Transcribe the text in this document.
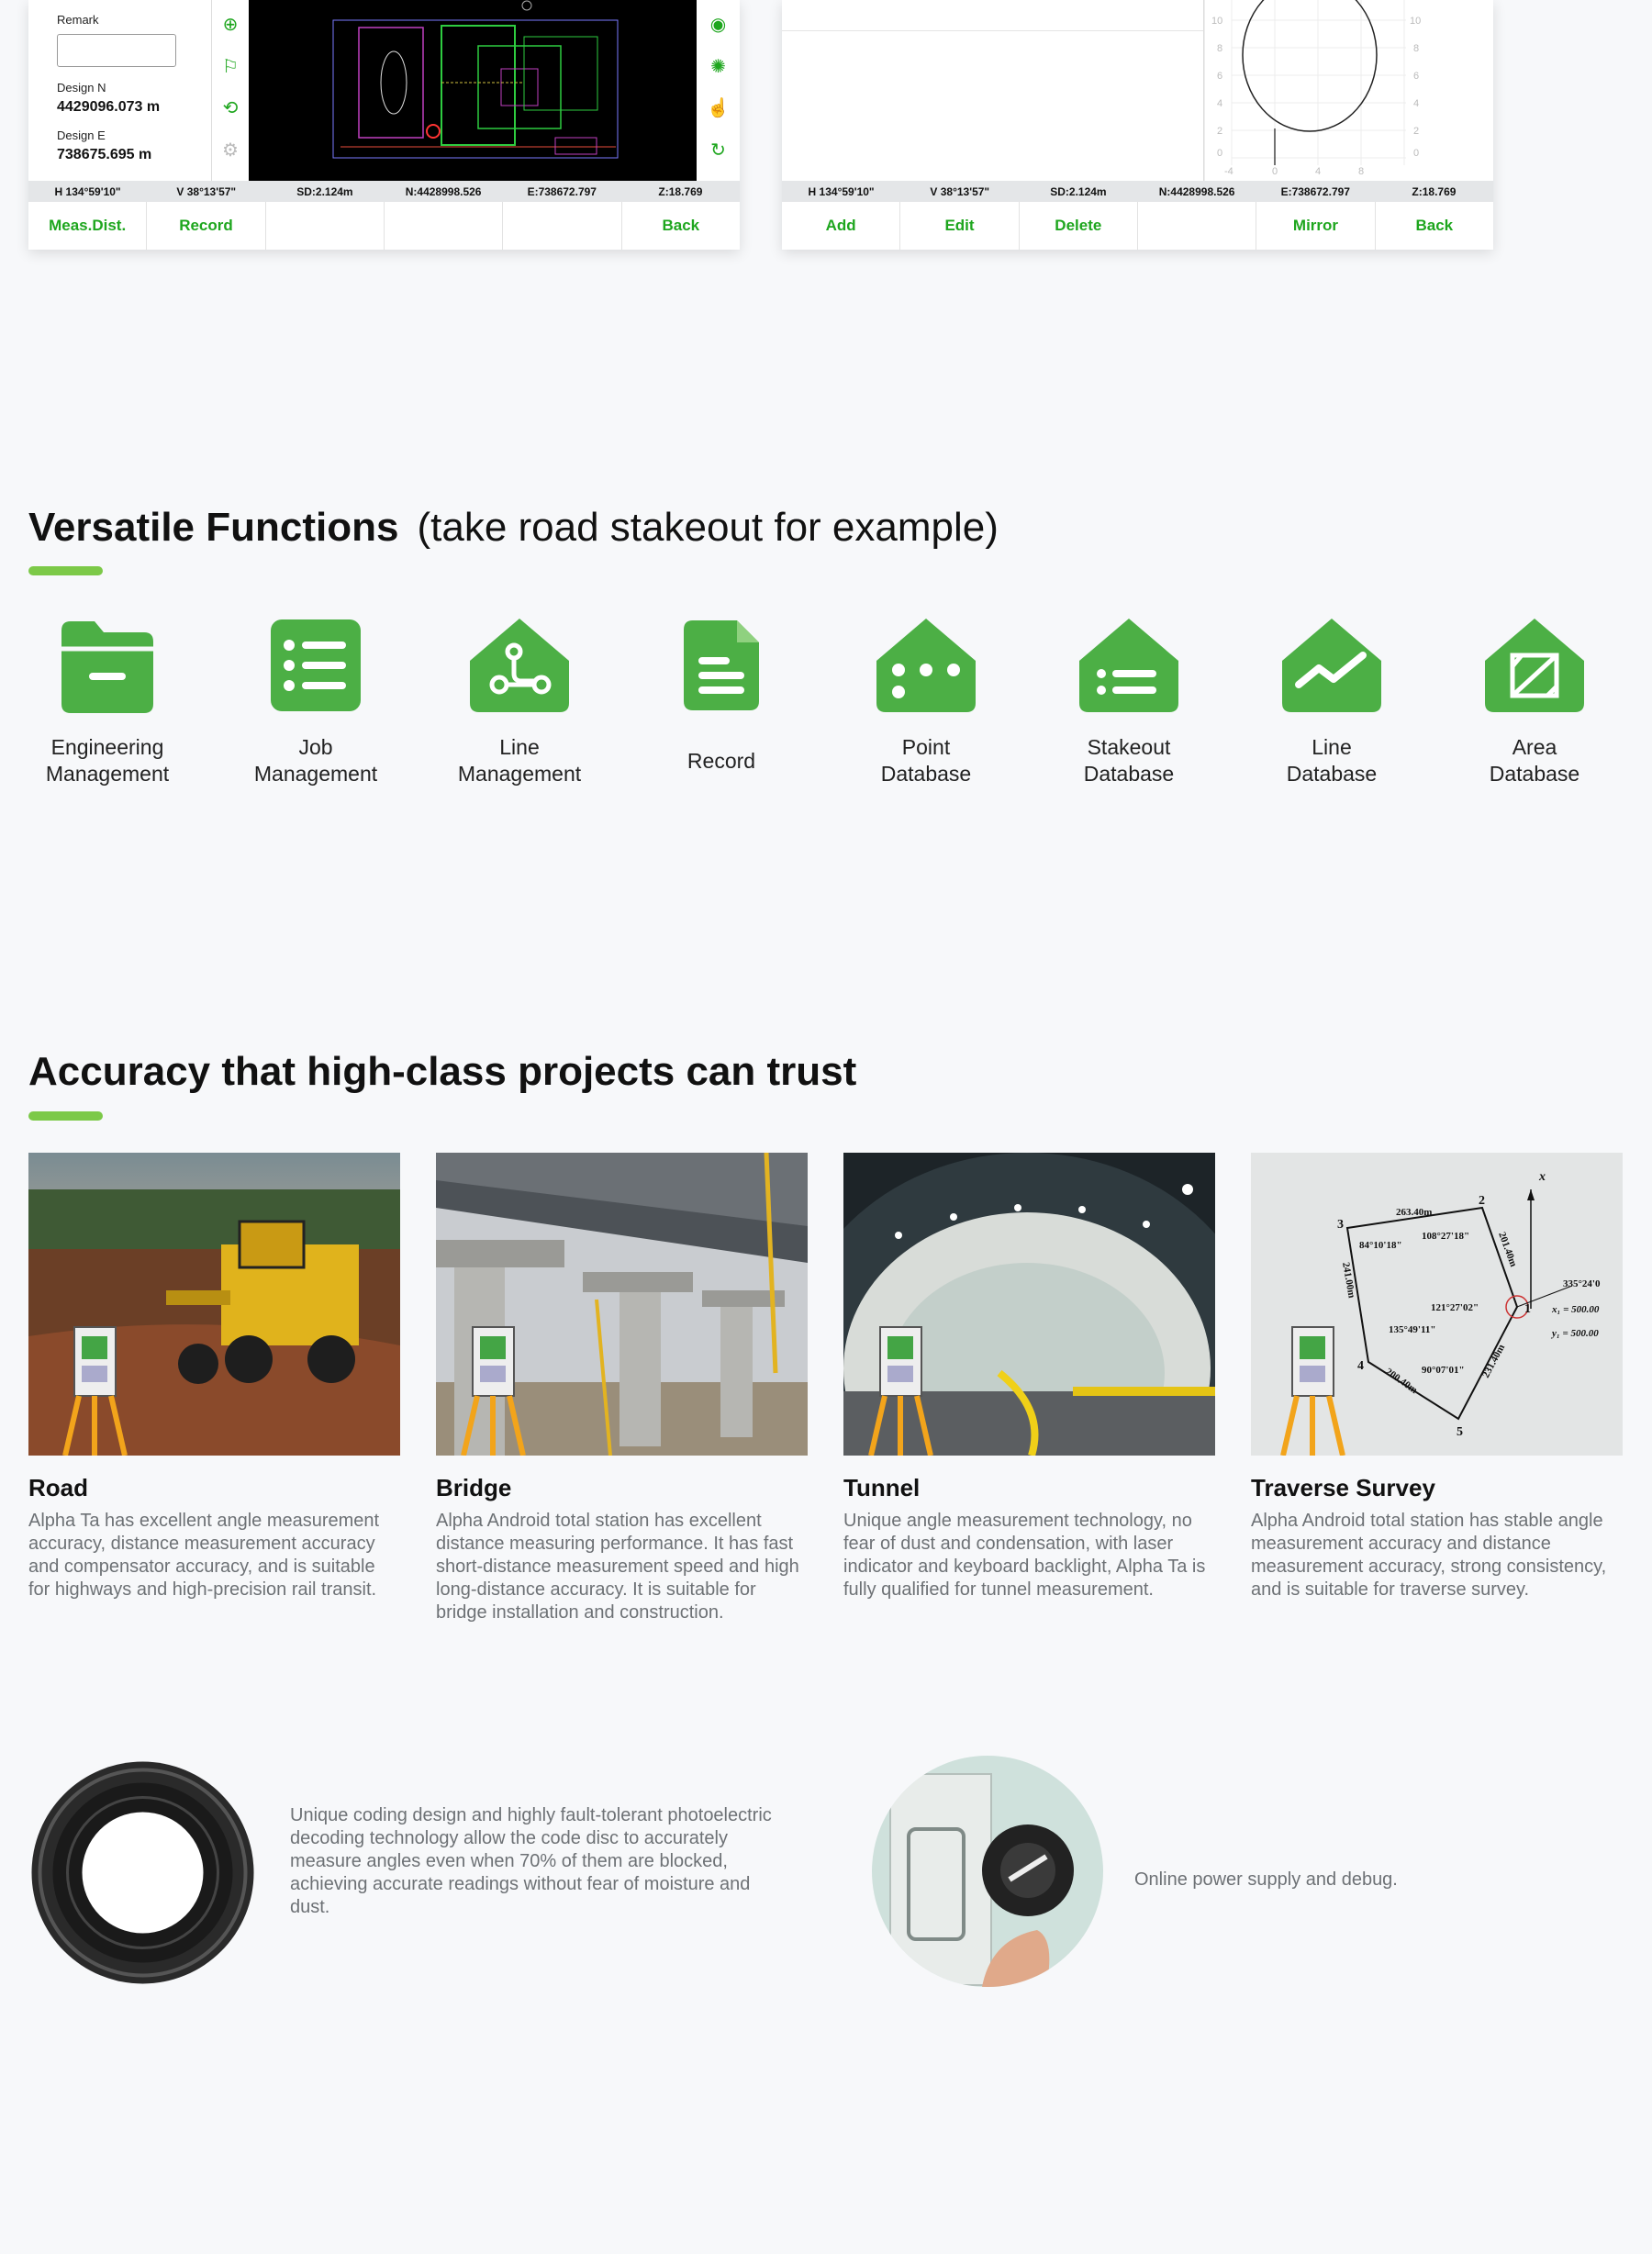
Remark
Design N
4429096.073 m
Design E
738675.695 m
⊕
⚐
⟲
⚙
◉
✺
☝
↻
H 134°59'10"	V 38°13'57"	SD:2.124m	N:4428998.526	E:738672.797	Z:18.769
Meas.Dist.	Record	Back
10
8
6
4
2
0
10
8
6
4
2
0
-4	0	4	8
H 134°59'10"	V 38°13'57"	SD:2.124m	N:4428998.526	E:738672.797	Z:18.769
Add	Edit	Delete	Mirror	Back
Versatile Functions (take road stakeout for example)
Engineering
Management
Job
Management
Line
Management
Record
Point
Database
Stakeout
Database
Line
Database
Area
Database
Accuracy that high-class projects can trust
Road
Alpha Ta has excellent angle measurement accuracy, distance measurement accuracy and compensator accuracy, and is suitable for highways and high-precision rail transit.
Bridge
Alpha Android total station has excellent distance measuring performance. It has fast short-distance measurement speed and high long-distance accuracy. It is suitable for bridge installation and construction.
Tunnel
Unique angle measurement technology, no fear of dust and condensation, with laser indicator and keyboard backlight, Alpha Ta is fully qualified for tunnel measurement.
x
1
2
3
4
5
263.40m
108°27'18"
84°10'18"	201.40m
335°24'0
241.00m
121°27'02"
135°49'11"
90°07'01"
200.40m
231.40m
x₁ = 500.00
y₁ = 500.00
Traverse Survey
Alpha Android total station has stable angle measurement accuracy and distance measurement accuracy, strong consistency, and is suitable for traverse survey.
Unique coding design and highly fault-tolerant photoelectric decoding technology allow the code disc to accurately measure angles even when 70% of them are blocked, achieving accurate readings without fear of moisture and dust.
Online power supply and debug.
